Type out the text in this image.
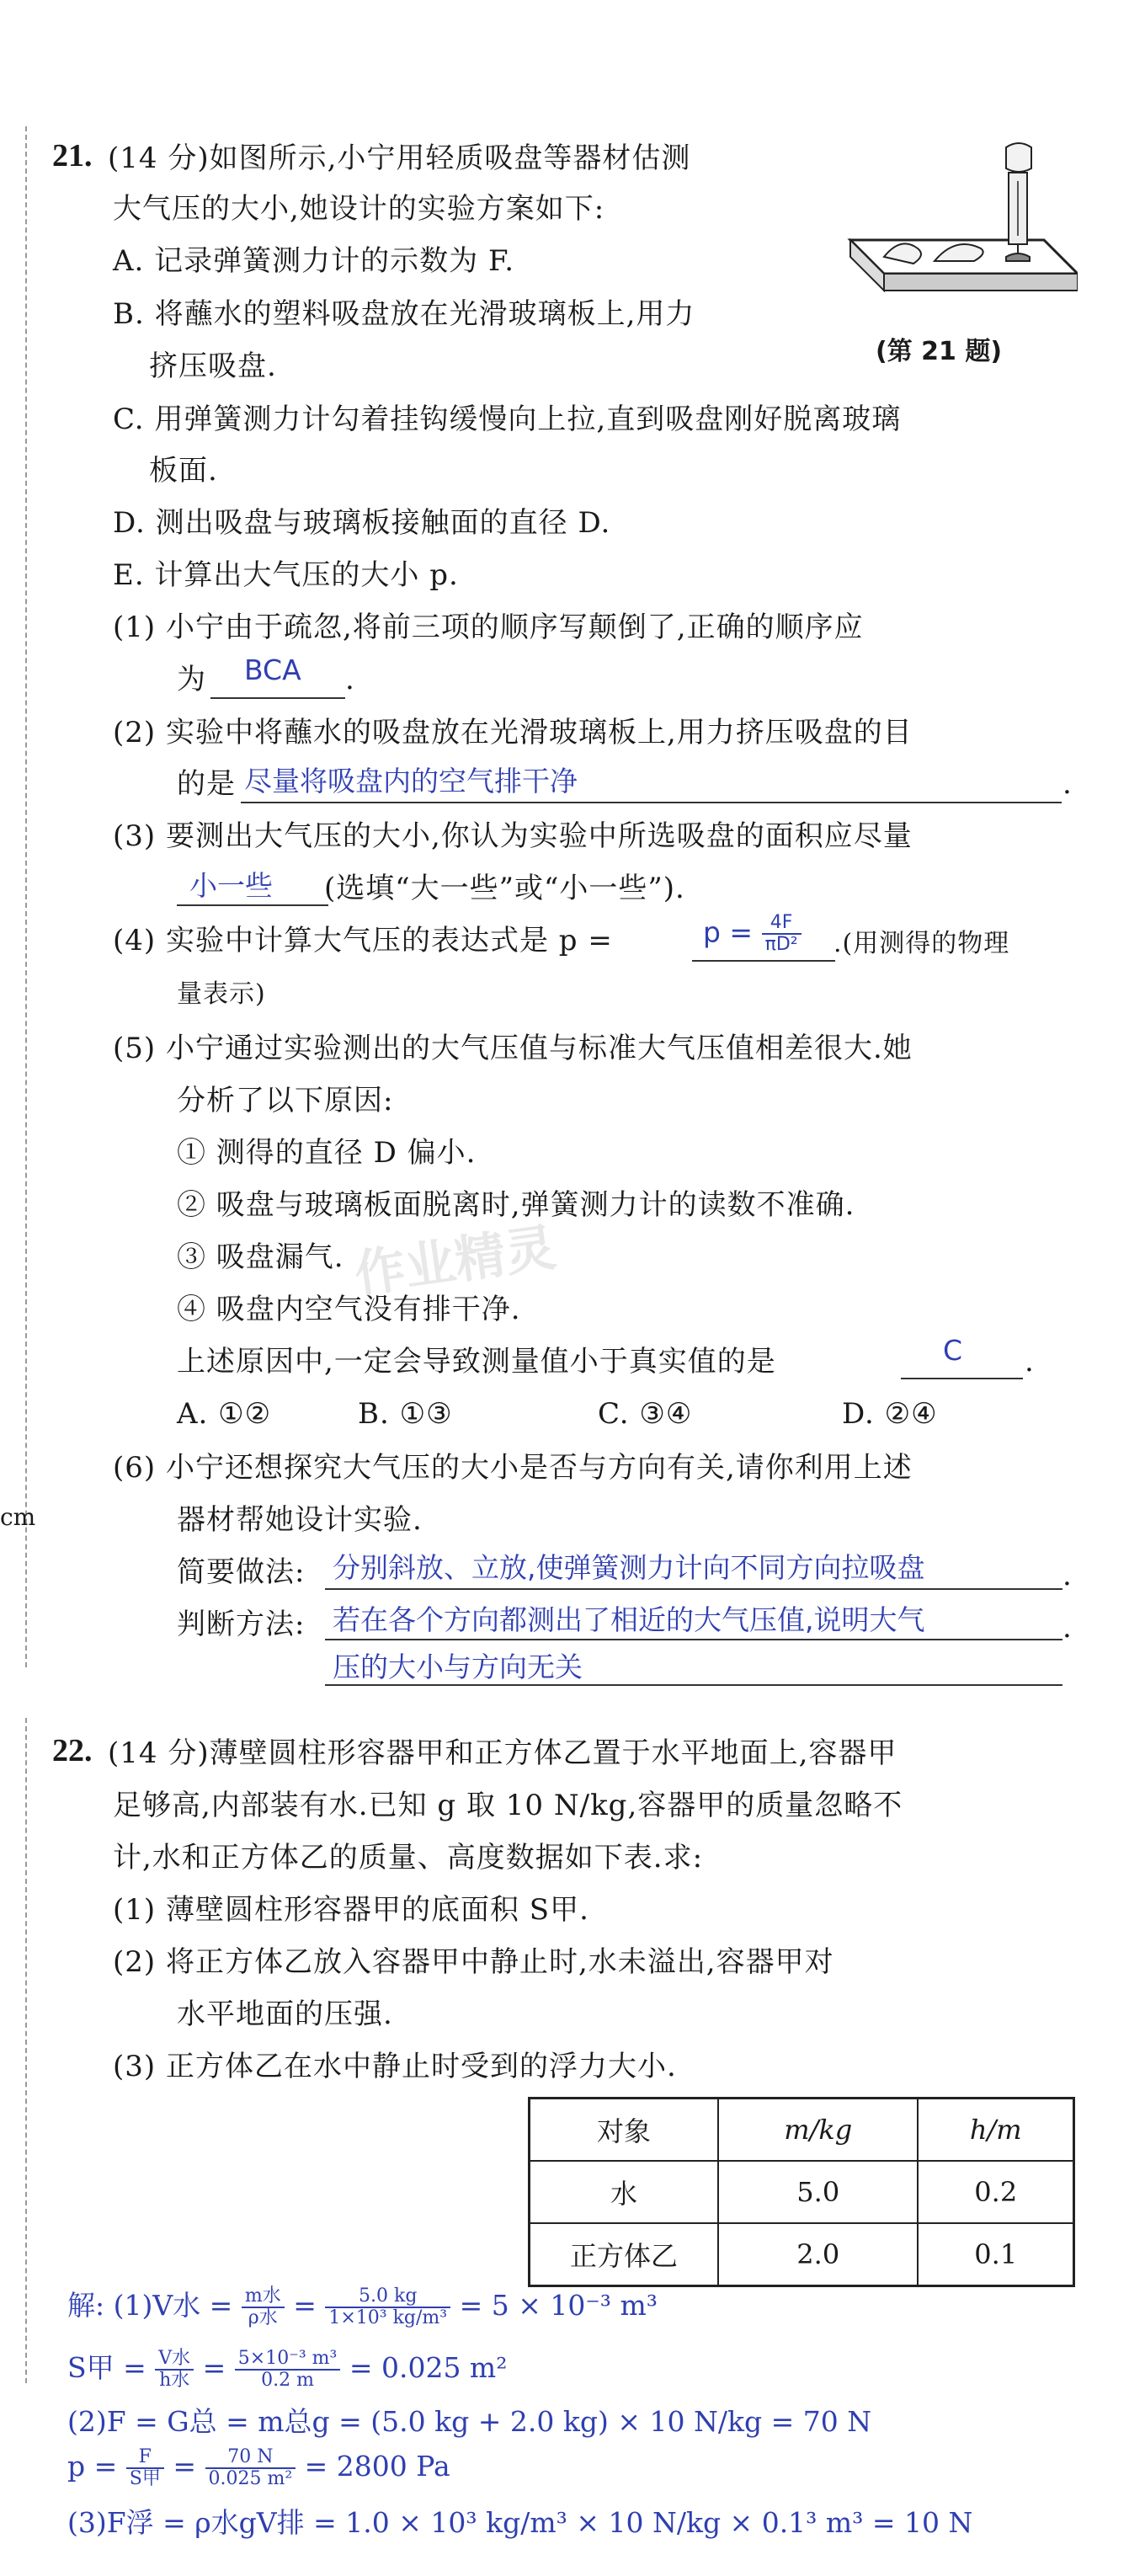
cm
21. (14 分)如图所示,小宁用轻质吸盘等器材估测
大气压的大小,她设计的实验方案如下:
(第 21 题)
A. 记录弹簧测力计的示数为 F.
B. 将蘸水的塑料吸盘放在光滑玻璃板上,用力
挤压吸盘.
C. 用弹簧测力计勾着挂钩缓慢向上拉,直到吸盘刚好脱离玻璃
板面.
D. 测出吸盘与玻璃板接触面的直径 D.
E. 计算出大气压的大小 p.
(1) 小宁由于疏忽,将前三项的顺序写颠倒了,正确的顺序应
为 BCA .
(2) 实验中将蘸水的吸盘放在光滑玻璃板上,用力挤压吸盘的目
的是 尽量将吸盘内的空气排干净	.
(3) 要测出大气压的大小,你认为实验中所选吸盘的面积应尽量
小一些 (选填“大一些”或“小一些”).
(4) 实验中计算大气压的表达式是 p =	$p = \frac{4F}{\text{πD²}}$ .(用测得的物理
量表示)
(5) 小宁通过实验测出的大气压值与标准大气压值相差很大.她
分析了以下原因:
① 测得的直径 D 偏小.
② 吸盘与玻璃板面脱离时,弹簧测力计的读数不准确.
③ 吸盘漏气.
④ 吸盘内空气没有排干净.
上述原因中,一定会导致测量值小于真实值的是	C .
A. ①②	B. ①③	C. ③④	D. ②④
(6) 小宁还想探究大气压的大小是否与方向有关,请你利用上述
器材帮她设计实验.
简要做法: 分别斜放、立放,使弹簧测力计向不同方向拉吸盘	.
判断方法: 若在各个方向都测出了相近的大气压值,说明大气	.
压的大小与方向无关
作业精灵
22. (14 分)薄壁圆柱形容器甲和正方体乙置于水平地面上,容器甲
足够高,内部装有水.已知 g 取 10 N/kg,容器甲的质量忽略不
计,水和正方体乙的质量、高度数据如下表.求:
(1) 薄壁圆柱形容器甲的底面积 S甲.
(2) 将正方体乙放入容器甲中静止时,水未溢出,容器甲对
水平地面的压强.
(3) 正方体乙在水中静止时受到的浮力大小.
对象	m/kg	h/m
水	5.0	0.2
正方体乙	2.0	0.1
解: (1)V水 = $\frac{\text{m水}}{\text{ρ水}} = \frac{5.0 kg}{\text{1×10³ kg/m³}} = 5 \times 10^{-3}$ m³
S甲 = $\frac{\text{V水}}{\text{h水}} = \frac{\text{5×10⁻³ m³}}{0.2 m} = 0.025$ m²
(2)F = G总 = m总g = (5.0 kg + 2.0 kg) × 10 N/kg = 70 N
$p = \frac{F}{\text{S甲}} = \frac{70 N}{\text{0.025 m²}} = 2800$ Pa
(3)F浮 = ρ水gV排 = 1.0 × 10³ kg/m³ × 10 N/kg × 0.1³ m³ = 10 N
